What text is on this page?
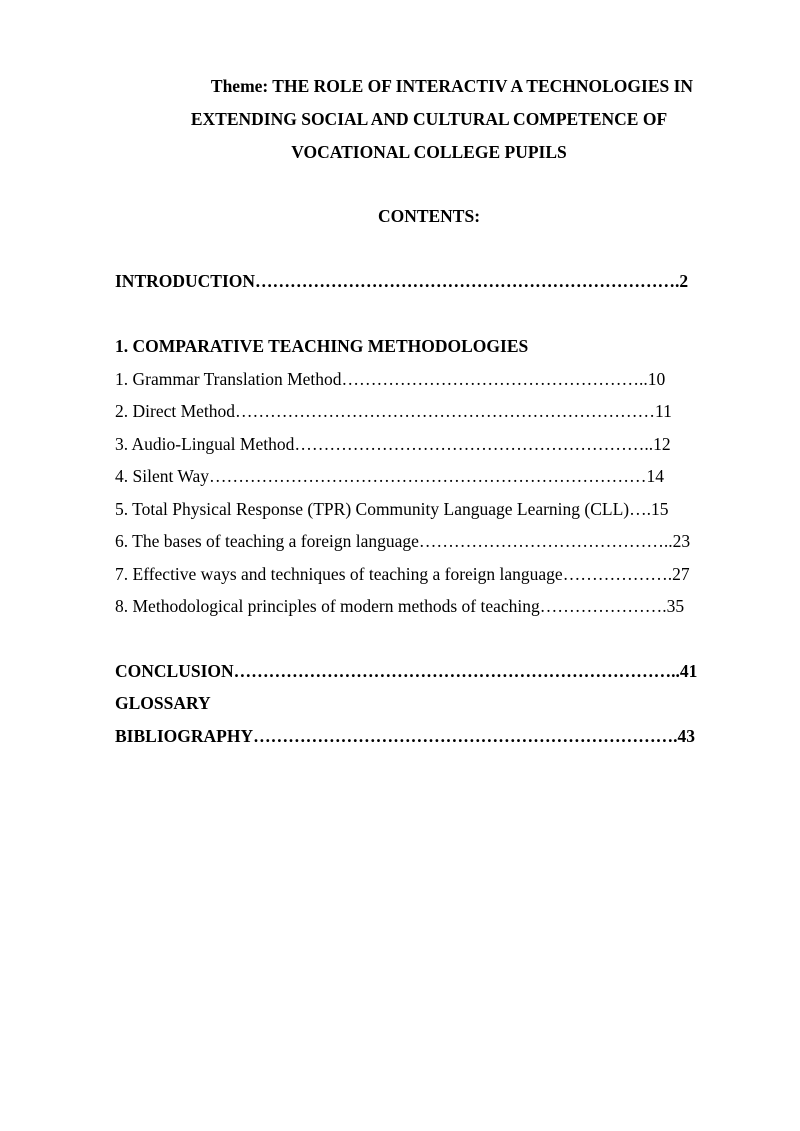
Theme: THE ROLE OF INTERACTIV A TECHNOLOGIES IN
EXTENDING SOCIAL AND CULTURAL COMPETENCE OF
VOCATIONAL COLLEGE PUPILS
CONTENTS:
INTRODUCTION……………………………………………………………….2
1. COMPARATIVE TEACHING METHODOLOGIES
1. Grammar Translation Method……………………………………………..10
2. Direct Method………………………………………………………………11
3. Audio-Lingual Method……………………………………………………..12
4. Silent Way…………………………………………………………………14
5. Total Physical Response (TPR) Community Language Learning (CLL)….15
6. The bases of teaching a foreign language……………………………………..23
7. Effective ways and techniques of teaching a foreign language……………….27
8. Methodological principles of modern methods of teaching………………….35
CONCLUSION…………………………………………………………………..41
GLOSSARY
BIBLIOGRAPHY……………………………………………………………….43
